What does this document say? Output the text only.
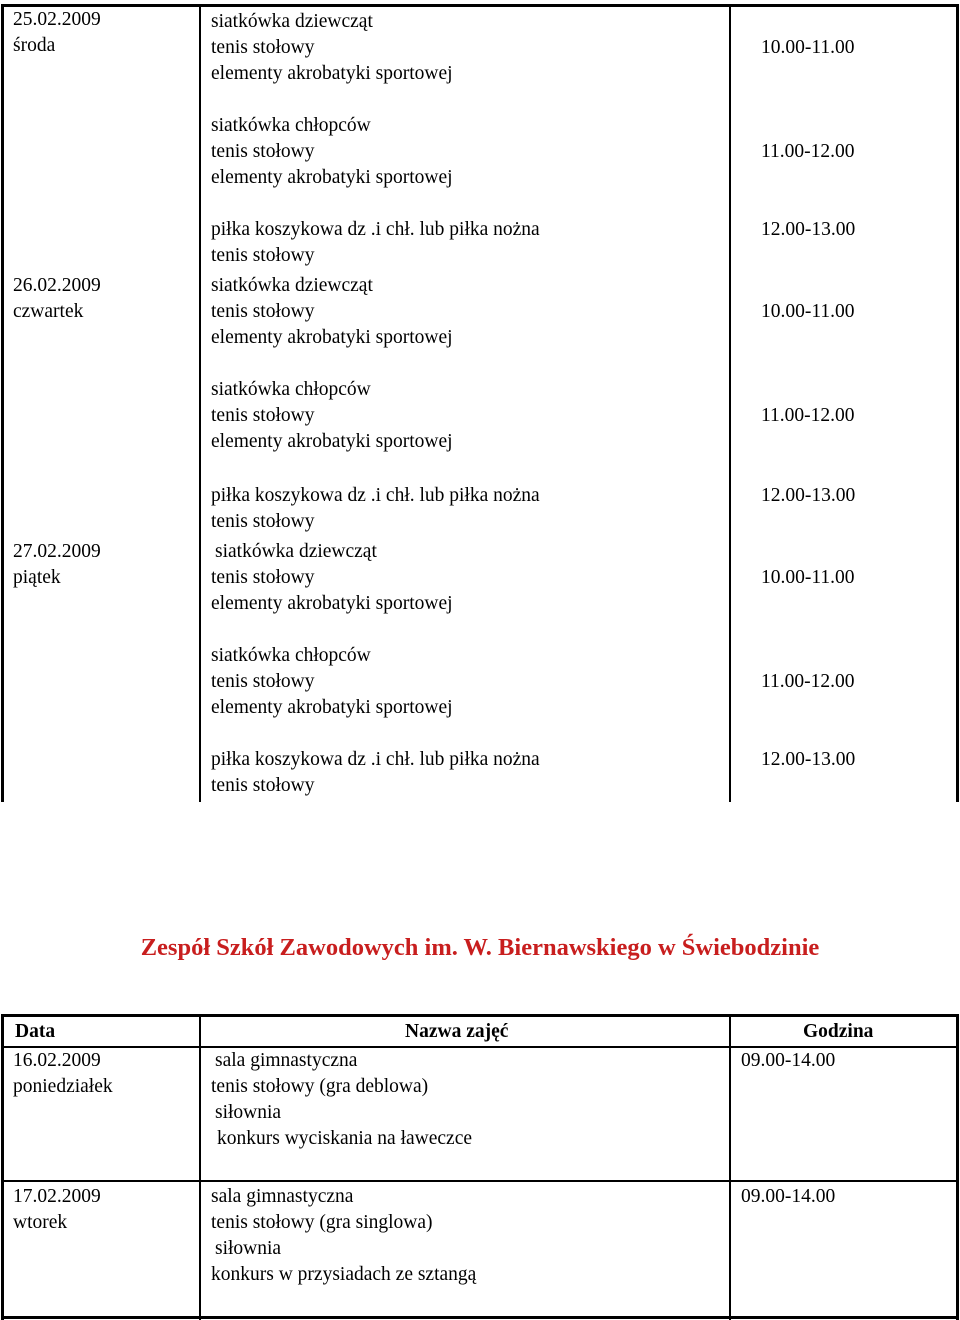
25.02.2009
środa
siatkówka dziewcząt
tenis stołowy
elementy akrobatyki sportowej
10.00-11.00
siatkówka chłopców
tenis stołowy
elementy akrobatyki sportowej
11.00-12.00
piłka koszykowa dz .i chł. lub piłka nożna
tenis stołowy
12.00-13.00
26.02.2009
czwartek
siatkówka dziewcząt
tenis stołowy
elementy akrobatyki sportowej
10.00-11.00
siatkówka chłopców
tenis stołowy
elementy akrobatyki sportowej
11.00-12.00
piłka koszykowa dz .i chł. lub piłka nożna
tenis stołowy
12.00-13.00
27.02.2009
piątek
siatkówka dziewcząt
tenis stołowy
elementy akrobatyki sportowej
10.00-11.00
siatkówka chłopców
tenis stołowy
elementy akrobatyki sportowej
11.00-12.00
piłka koszykowa dz .i chł. lub piłka nożna
tenis stołowy
12.00-13.00
Zespół Szkół Zawodowych im. W. Biernawskiego w Świebodzinie
Data	Nazwa zajęć	Godzina
16.02.2009
poniedziałek
sala gimnastyczna
tenis stołowy (gra deblowa)
siłownia
konkurs wyciskania na ławeczce
09.00-14.00
17.02.2009
wtorek
sala gimnastyczna
tenis stołowy (gra singlowa)
siłownia
konkurs w przysiadach ze sztangą
09.00-14.00
